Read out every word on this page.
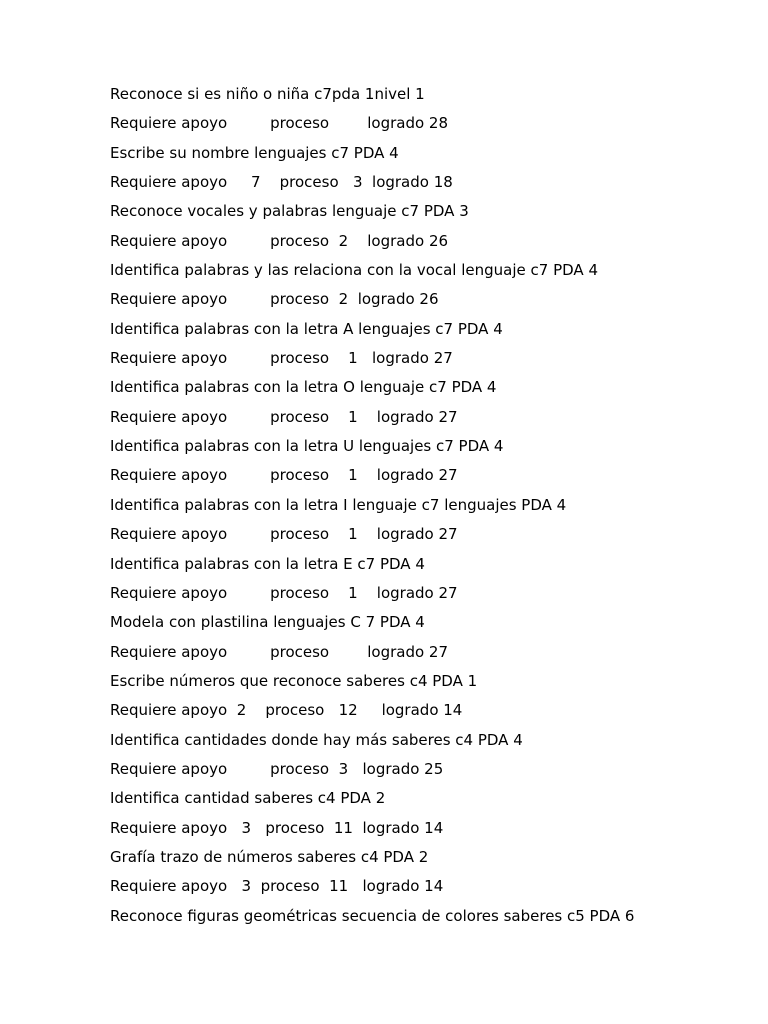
Reconoce si es niño o niña c7pda 1nivel 1

Requiere apoyo         proceso        logrado 28

Escribe su nombre lenguajes c7 PDA 4

Requiere apoyo     7    proceso   3  logrado 18

Reconoce vocales y palabras lenguaje c7 PDA 3

Requiere apoyo         proceso  2    logrado 26

Identifica palabras y las relaciona con la vocal lenguaje c7 PDA 4

Requiere apoyo         proceso  2  logrado 26

Identifica palabras con la letra A lenguajes c7 PDA 4

Requiere apoyo         proceso    1   logrado 27

Identifica palabras con la letra O lenguaje c7 PDA 4

Requiere apoyo         proceso    1    logrado 27

Identifica palabras con la letra U lenguajes c7 PDA 4

Requiere apoyo         proceso    1    logrado 27

Identifica palabras con la letra I lenguaje c7 lenguajes PDA 4

Requiere apoyo         proceso    1    logrado 27

Identifica palabras con la letra E c7 PDA 4

Requiere apoyo         proceso    1    logrado 27

Modela con plastilina lenguajes C 7 PDA 4

Requiere apoyo         proceso        logrado 27

Escribe números que reconoce saberes c4 PDA 1

Requiere apoyo  2    proceso   12     logrado 14

Identifica cantidades donde hay más saberes c4 PDA 4

Requiere apoyo         proceso  3   logrado 25

Identifica cantidad saberes c4 PDA 2

Requiere apoyo   3   proceso  11  logrado 14

Grafía trazo de números saberes c4 PDA 2

Requiere apoyo   3  proceso  11   logrado 14

Reconoce figuras geométricas secuencia de colores saberes c5 PDA 6
